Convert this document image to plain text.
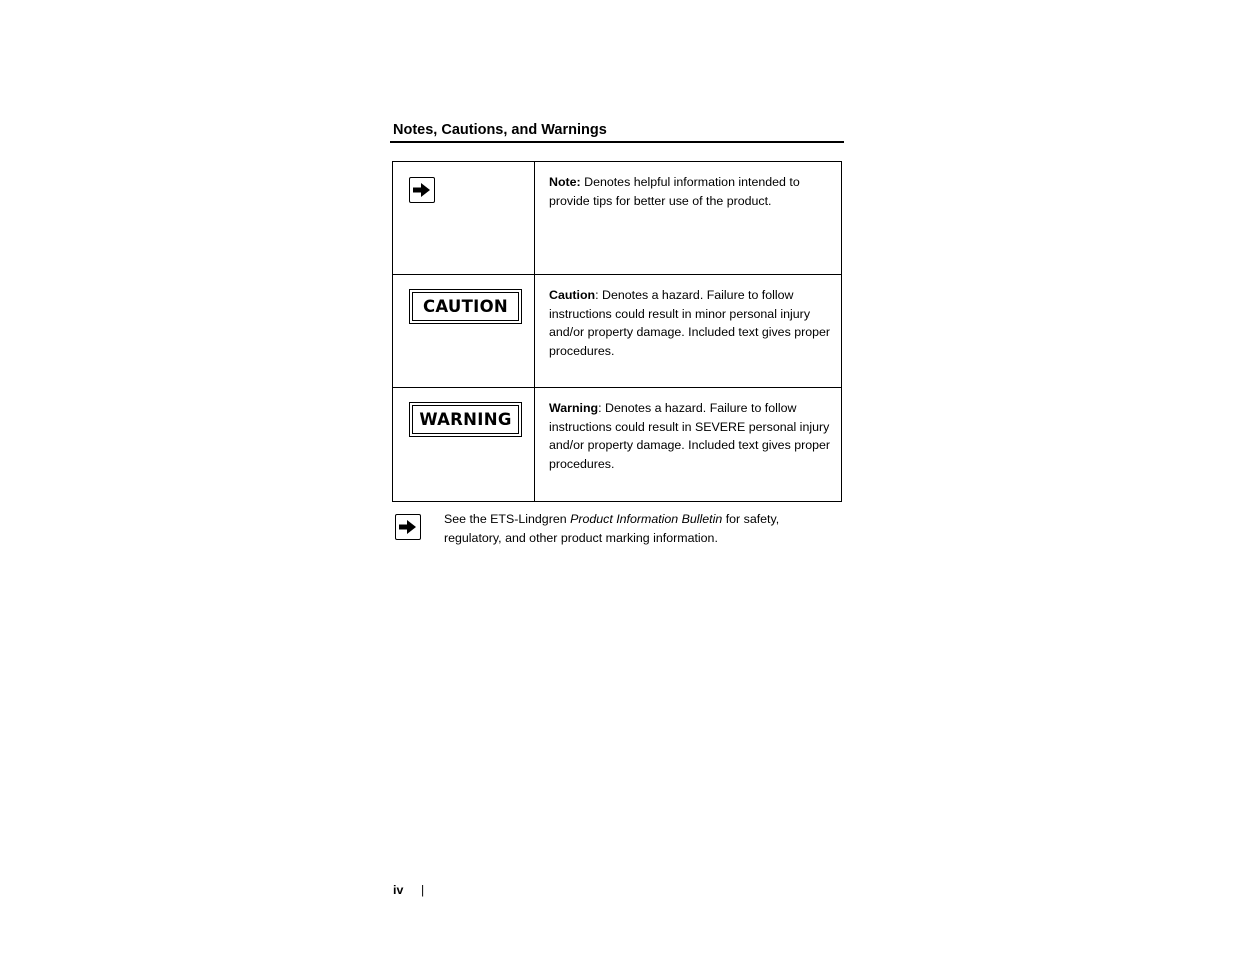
Notes, Cautions, and Warnings

Note: Denotes helpful information intended to provide tips for better use of the product.

CAUTION	Caution: Denotes a hazard. Failure to follow instructions could result in minor personal injury and/or property damage. Included text gives proper procedures.

WARNING	Warning: Denotes a hazard. Failure to follow instructions could result in SEVERE personal injury and/or property damage. Included text gives proper procedures.
See the ETS-Lindgren Product Information Bulletin for safety, regulatory, and other product marking information.
iv |
